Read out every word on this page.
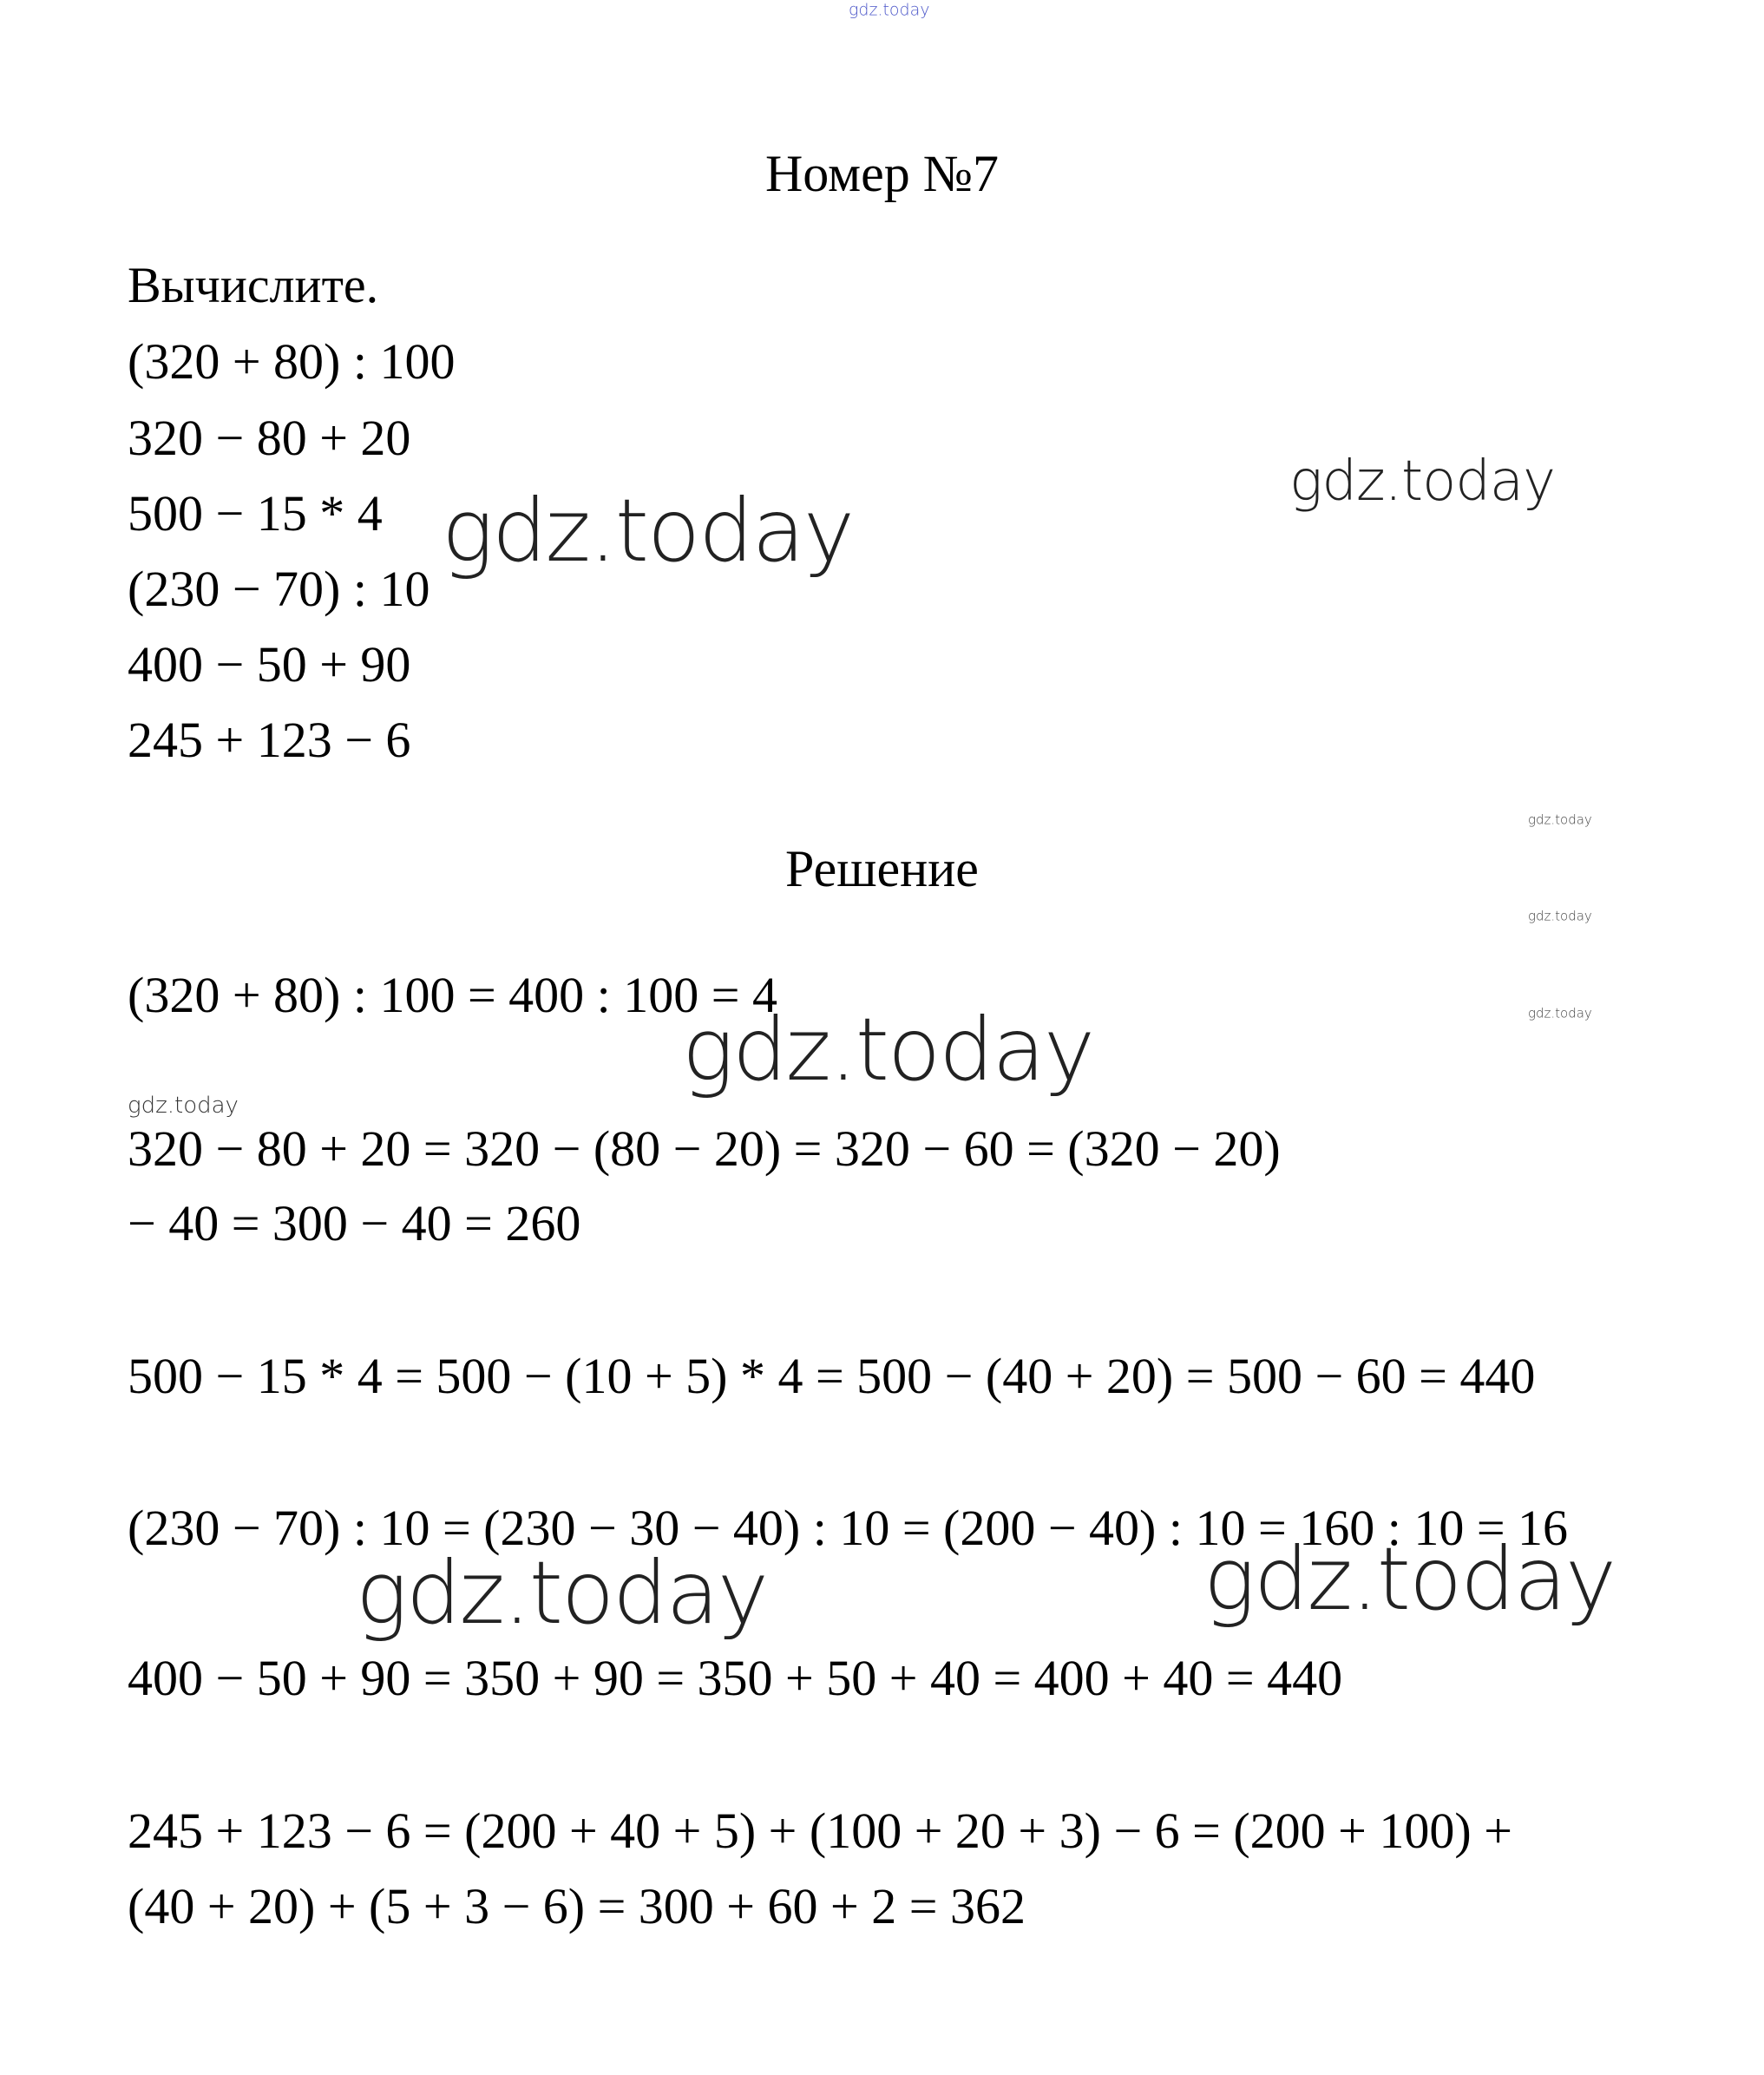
gdz.today
Номер №7
Вычислите.
(320 + 80) : 100
320 − 80 + 20
500 − 15 * 4
(230 − 70) : 10
400 − 50 + 90
245 + 123 − 6
Решение
(320 + 80) : 100 = 400 : 100 = 4
320 − 80 + 20 = 320 − (80 − 20) = 320 − 60 = (320 − 20)
− 40 = 300 − 40 = 260
500 − 15 * 4 = 500 − (10 + 5) * 4 = 500 − (40 + 20) = 500 − 60 = 440
(230 − 70) : 10 = (230 − 30 − 40) : 10 = (200 − 40) : 10 = 160 : 10 = 16
400 − 50 + 90 = 350 + 90 = 350 + 50 + 40 = 400 + 40 = 440
245 + 123 − 6 = (200 + 40 + 5) + (100 + 20 + 3) − 6 = (200 + 100) +
(40 + 20) + (5 + 3 − 6) = 300 + 60 + 2 = 362
gdz.today	gdz.today
gdz.today
gdz.today
gdz.today
gdz.today
gdz.today
gdz.today	gdz.today
